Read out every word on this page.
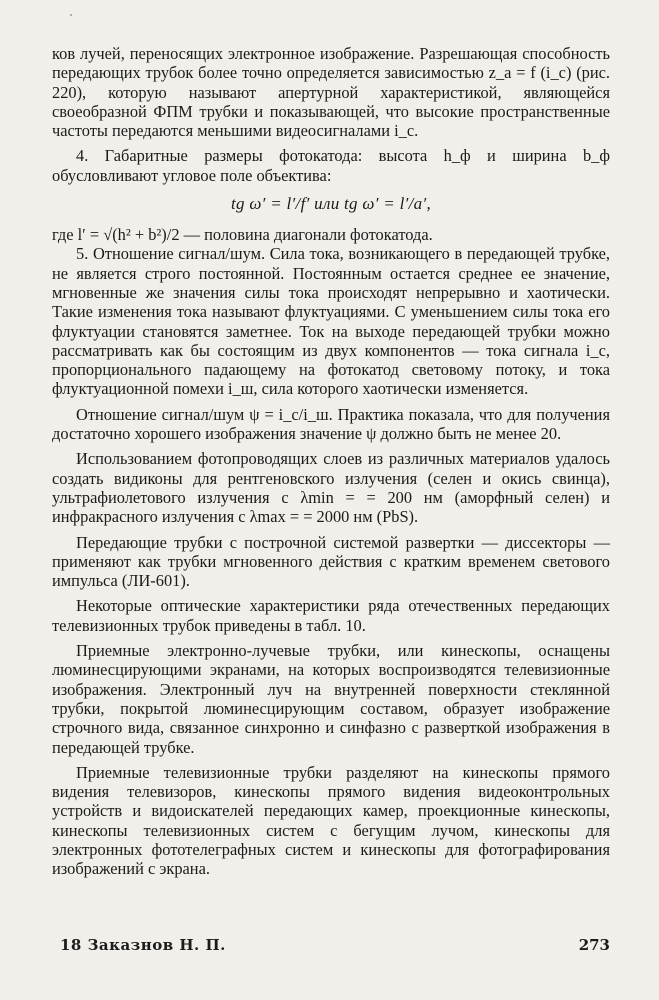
ков лучей, переносящих электронное изображение. Разрешающая способность передающих трубок более точно определяется зависимостью z_a = f (i_c) (рис. 220), которую называют апертурной характеристикой, являющейся своеобразной ФПМ трубки и показывающей, что высокие пространственные частоты передаются меньшими видеосигналами i_c.

4. Габаритные размеры фотокатода: высота h_ф и ширина b_ф обусловливают угловое поле объектива:

tg ω′ = l′/f′ или tg ω′ = l′/a′,

где l′ = √(h² + b²)/2 — половина диагонали фотокатода.

5. Отношение сигнал/шум. Сила тока, возникающего в передающей трубке, не является строго постоянной. Постоянным остается среднее ее значение, мгновенные же значения силы тока происходят непрерывно и хаотически. Такие изменения тока называют флуктуациями. С уменьшением силы тока его флуктуации становятся заметнее. Ток на выходе передающей трубки можно рассматривать как бы состоящим из двух компонентов — тока сигнала i_c, пропорционального падающему на фотокатод световому потоку, и тока флуктуационной помехи i_ш, сила которого хаотически изменяется.

Отношение сигнал/шум ψ = i_c/i_ш. Практика показала, что для получения достаточно хорошего изображения значение ψ должно быть не менее 20.

Использованием фотопроводящих слоев из различных материалов удалось создать видиконы для рентгеновского излучения (селен и окись свинца), ультрафиолетового излучения с λmin = = 200 нм (аморфный селен) и инфракрасного излучения с λmax = = 2000 нм (PbS).

Передающие трубки с построчной системой развертки — диссекторы — применяют как трубки мгновенного действия с кратким временем светового импульса (ЛИ-601).

Некоторые оптические характеристики ряда отечественных передающих телевизионных трубок приведены в табл. 10.

Приемные электронно-лучевые трубки, или кинескопы, оснащены люминесцирующими экранами, на которых воспроизводятся телевизионные изображения. Электронный луч на внутренней поверхности стеклянной трубки, покрытой люминесцирующим составом, образует изображение строчного вида, связанное синхронно и синфазно с разверткой изображения в передающей трубке.

Приемные телевизионные трубки разделяют на кинескопы прямого видения телевизоров, кинескопы прямого видения видеоконтрольных устройств и видоискателей передающих камер, проекционные кинескопы, кинескопы телевизионных систем с бегущим лучом, кинескопы для электронных фототелеграфных систем и кинескопы для фотографирования изображений с экрана.

18 Заказнов Н. П.	273
